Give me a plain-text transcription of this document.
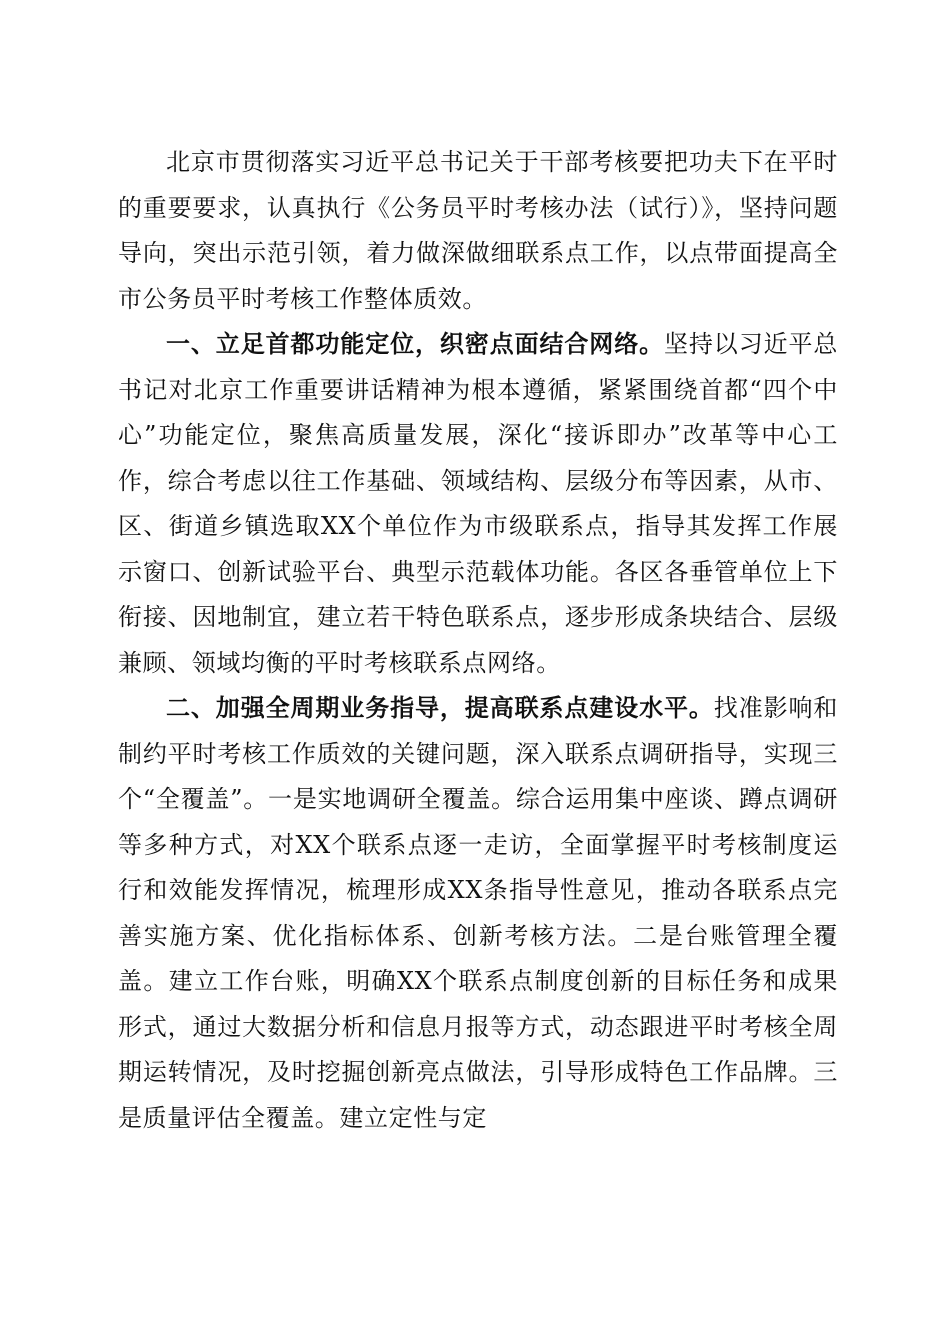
北京市贯彻落实习近平总书记关于干部考核要把功夫下在平时的重要要求，认真执行《公务员平时考核办法（试行）》，坚持问题导向，突出示范引领，着力做深做细联系点工作，以点带面提高全市公务员平时考核工作整体质效。

一、立足首都功能定位，织密点面结合网络。坚持以习近平总书记对北京工作重要讲话精神为根本遵循，紧紧围绕首都“四个中心”功能定位，聚焦高质量发展，深化“接诉即办”改革等中心工作，综合考虑以往工作基础、领域结构、层级分布等因素，从市、区、街道乡镇选取XX个单位作为市级联系点，指导其发挥工作展示窗口、创新试验平台、典型示范载体功能。各区各垂管单位上下衔接、因地制宜，建立若干特色联系点，逐步形成条块结合、层级兼顾、领域均衡的平时考核联系点网络。

二、加强全周期业务指导，提高联系点建设水平。找准影响和制约平时考核工作质效的关键问题，深入联系点调研指导，实现三个“全覆盖”。一是实地调研全覆盖。综合运用集中座谈、蹲点调研等多种方式，对XX个联系点逐一走访，全面掌握平时考核制度运行和效能发挥情况，梳理形成XX条指导性意见，推动各联系点完善实施方案、优化指标体系、创新考核方法。二是台账管理全覆盖。建立工作台账，明确XX个联系点制度创新的目标任务和成果形式，通过大数据分析和信息月报等方式，动态跟进平时考核全周期运转情况，及时挖掘创新亮点做法，引导形成特色工作品牌。三是质量评估全覆盖。建立定性与定
